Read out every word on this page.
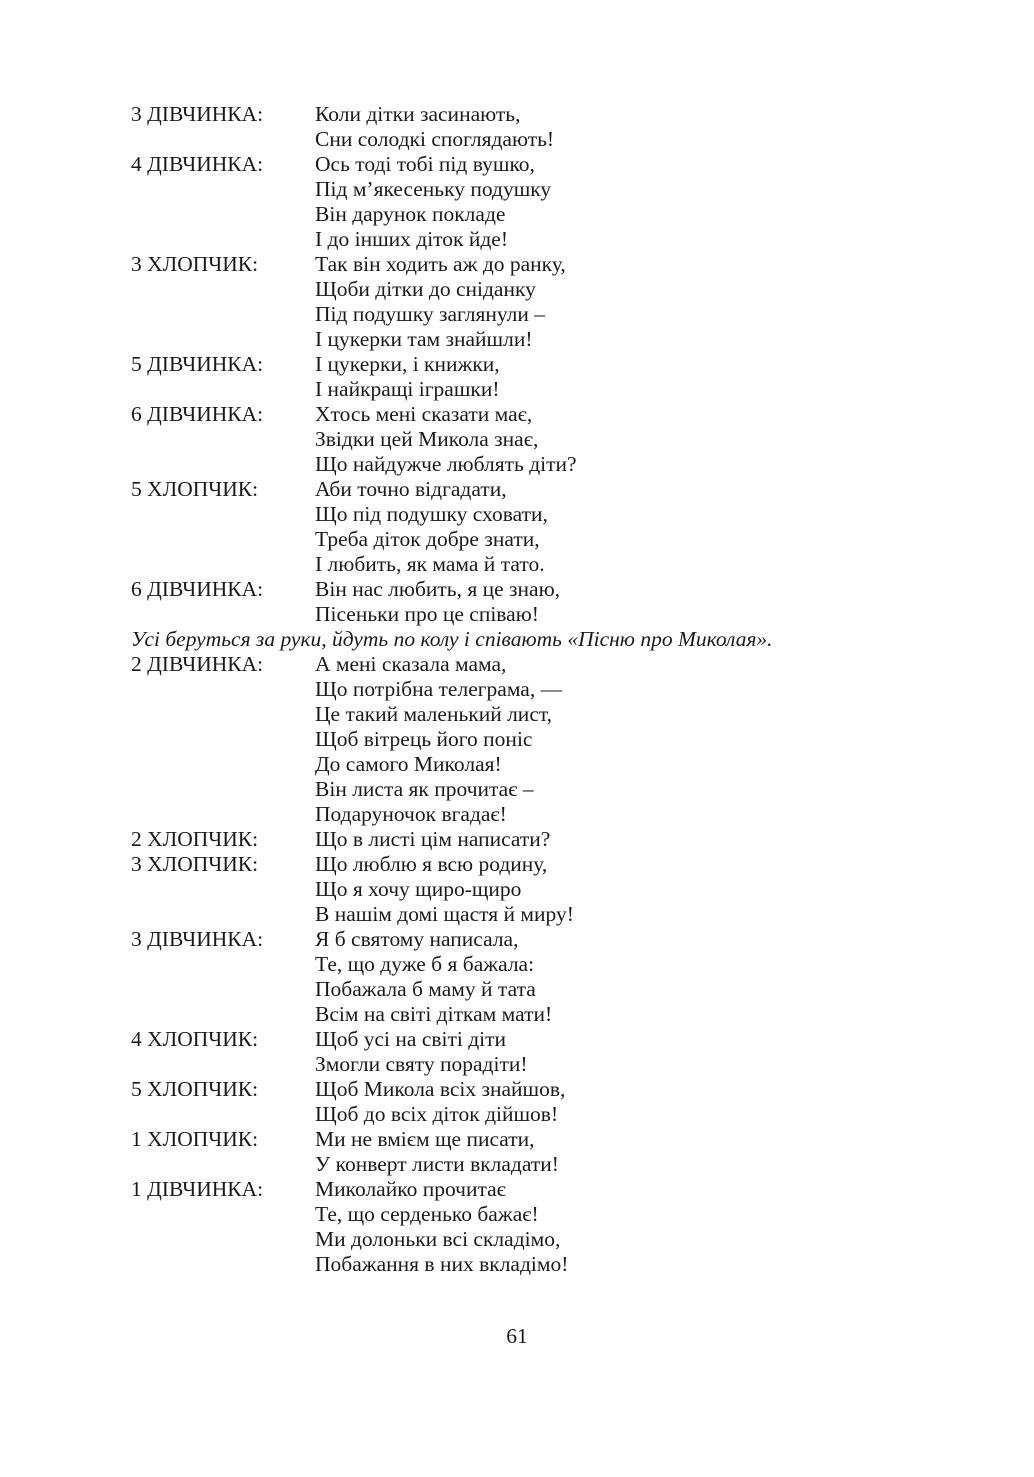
3 ДІВЧИНКА: Коли дітки засинають,
Сни солодкі споглядають!
4 ДІВЧИНКА: Ось тоді тобі під вушко,
Під м’якесеньку подушку
Він дарунок покладе
І до інших діток йде!
3 ХЛОПЧИК:	Так він ходить аж до ранку,
Щоби дітки до сніданку
Під подушку заглянули –
І цукерки там знайшли!
5 ДІВЧИНКА: І цукерки, і книжки,
І найкращі іграшки!
6 ДІВЧИНКА: Хтось мені сказати має,
Звідки цей Микола знає,
Що найдужче люблять діти?
5 ХЛОПЧИК:	Аби точно відгадати,
Що під подушку сховати,
Треба діток добре знати,
І любить, як мама й тато.
6 ДІВЧИНКА: Він нас любить, я це знаю,
Пісеньки про це співаю!
Усі беруться за руки, йдуть по колу і співають «Пісню про Миколая».
2 ДІВЧИНКА: А мені сказала мама,
Що потрібна телеграма, —
Це такий маленький лист,
Щоб вітрець його поніс
До самого Миколая!
Він листа як прочитає –
Подаруночок вгадає!
2 ХЛОПЧИК:	Що в листі цім написати?
3 ХЛОПЧИК:	Що люблю я всю родину,
Що я хочу щиро-щиро
В нашім домі щастя й миру!
3 ДІВЧИНКА: Я б святому написала,
Те, що дуже б я бажала:
Побажала б маму й тата
Всім на світі діткам мати!
4 ХЛОПЧИК:	Щоб усі на світі діти
Змогли святу порадіти!
5 ХЛОПЧИК:	Щоб Микола всіх знайшов,
Щоб до всіх діток дійшов!
1 ХЛОПЧИК:	Ми не вмієм ще писати,
У конверт листи вкладати!
1 ДІВЧИНКА: Миколайко прочитає
Те, що серденько бажає!
Ми долоньки всі складімо,
Побажання в них вкладімо!
61
